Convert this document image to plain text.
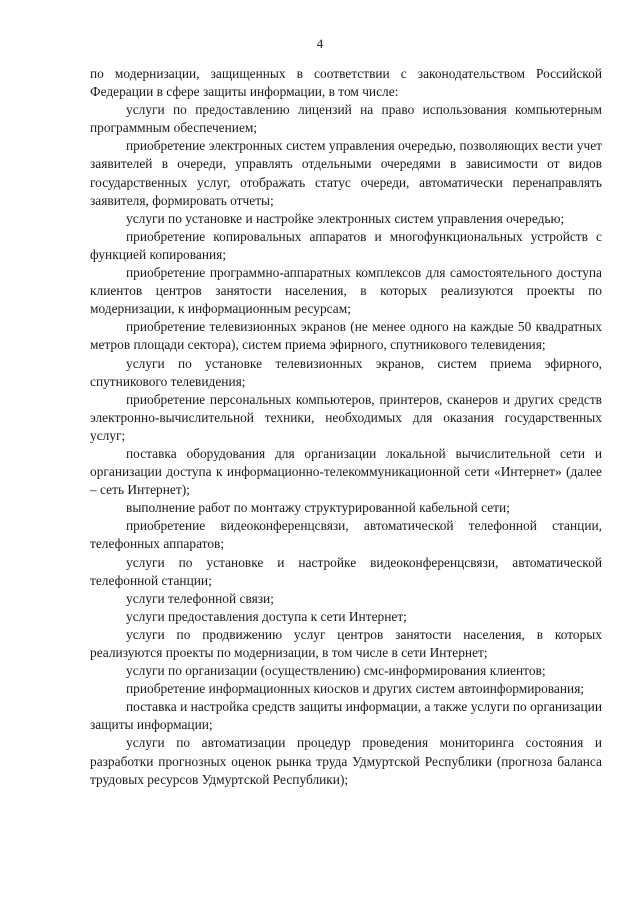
4

по модернизации, защищенных в соответствии с законодательством Российской Федерации в сфере защиты информации, в том числе:

услуги по предоставлению лицензий на право использования компьютерным программным обеспечением;

приобретение электронных систем управления очередью, позволяющих вести учет заявителей в очереди, управлять отдельными очередями в зависимости от видов государственных услуг, отображать статус очереди, автоматически перенаправлять заявителя, формировать отчеты;

услуги по установке и настройке электронных систем управления очередью;

приобретение копировальных аппаратов и многофункциональных устройств с функцией копирования;

приобретение программно-аппаратных комплексов для самостоятельного доступа клиентов центров занятости населения, в которых реализуются проекты по модернизации, к информационным ресурсам;

приобретение телевизионных экранов (не менее одного на каждые 50 квадратных метров площади сектора), систем приема эфирного, спутникового телевидения;

услуги по установке телевизионных экранов, систем приема эфирного, спутникового телевидения;

приобретение персональных компьютеров, принтеров, сканеров и других средств электронно-вычислительной техники, необходимых для оказания государственных услуг;

поставка оборудования для организации локальной вычислительной сети и организации доступа к информационно-телекоммуникационной сети «Интернет» (далее – сеть Интернет);

выполнение работ по монтажу структурированной кабельной сети;

приобретение видеоконференцсвязи, автоматической телефонной станции, телефонных аппаратов;

услуги по установке и настройке видеоконференцсвязи, автоматической телефонной станции;

услуги телефонной связи;

услуги предоставления доступа к сети Интернет;

услуги по продвижению услуг центров занятости населения, в которых реализуются проекты по модернизации, в том числе в сети Интернет;

услуги по организации (осуществлению) смс-информирования клиентов;

приобретение информационных киосков и других систем автоинформирования;

поставка и настройка средств защиты информации, а также услуги по организации защиты информации;

услуги по автоматизации процедур проведения мониторинга состояния и разработки прогнозных оценок рынка труда Удмуртской Республики (прогноза баланса трудовых ресурсов Удмуртской Республики);
